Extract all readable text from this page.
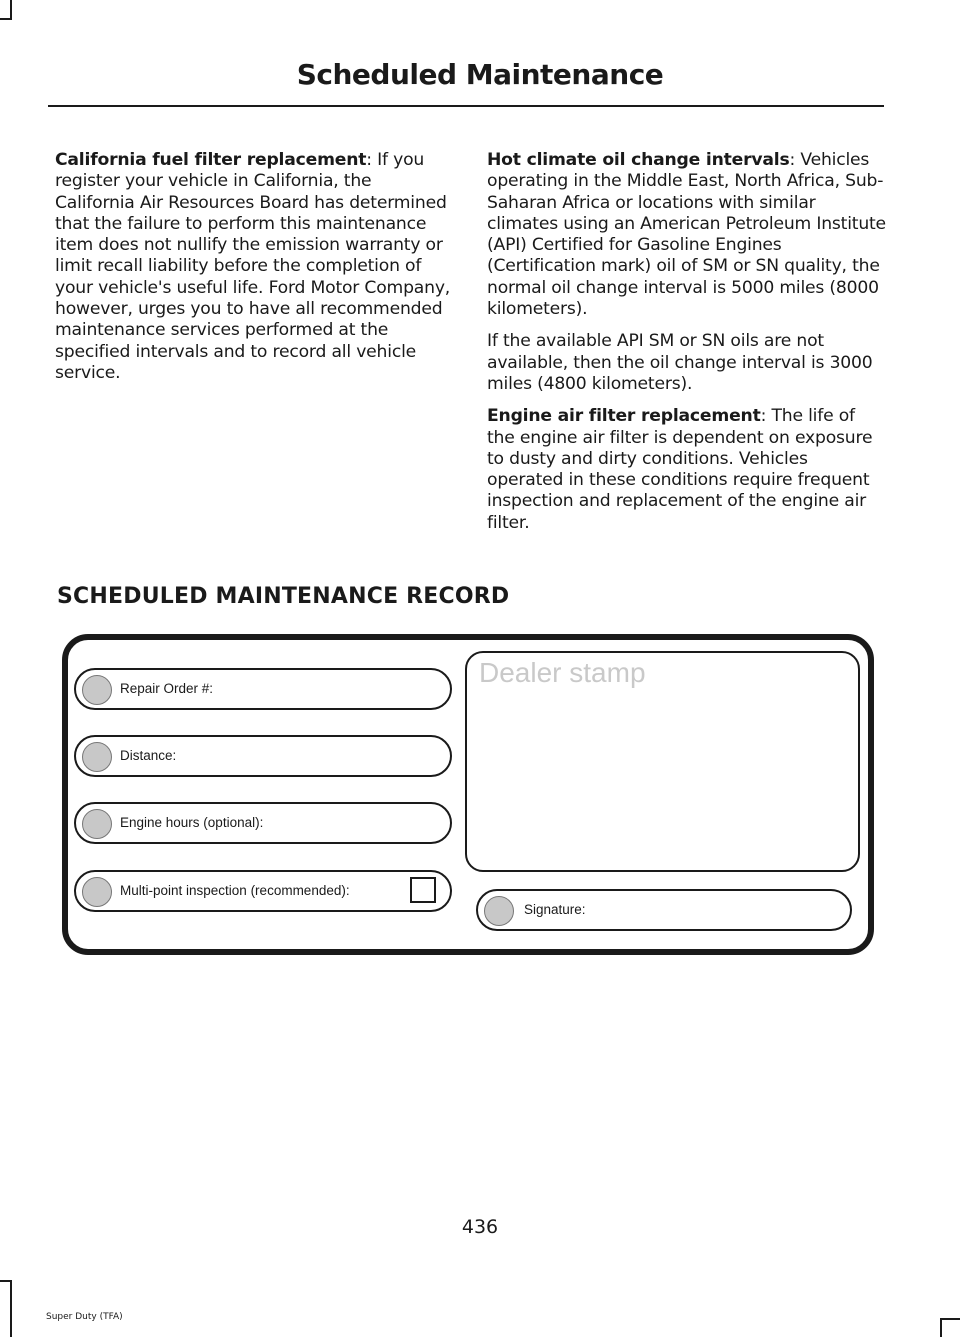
Scheduled Maintenance

California fuel filter replacement: If you register your vehicle in California, the California Air Resources Board has determined that the failure to perform this maintenance item does not nullify the emission warranty or limit recall liability before the completion of your vehicle's useful life. Ford Motor Company, however, urges you to have all recommended maintenance services performed at the specified intervals and to record all vehicle service.

Hot climate oil change intervals: Vehicles operating in the Middle East, North Africa, Sub-Saharan Africa or locations with similar climates using an American Petroleum Institute (API) Certified for Gasoline Engines (Certification mark) oil of SM or SN quality, the normal oil change interval is 5000 miles (8000 kilometers).

If the available API SM or SN oils are not available, then the oil change interval is 3000 miles (4800 kilometers).

Engine air filter replacement: The life of the engine air filter is dependent on exposure to dusty and dirty conditions. Vehicles operated in these conditions require frequent inspection and replacement of the engine air filter.

SCHEDULED MAINTENANCE RECORD
Repair Order #:
Distance:
Engine hours (optional):
Multi-point inspection (recommended):
Dealer stamp
Signature:
436
Super Duty (TFA)
